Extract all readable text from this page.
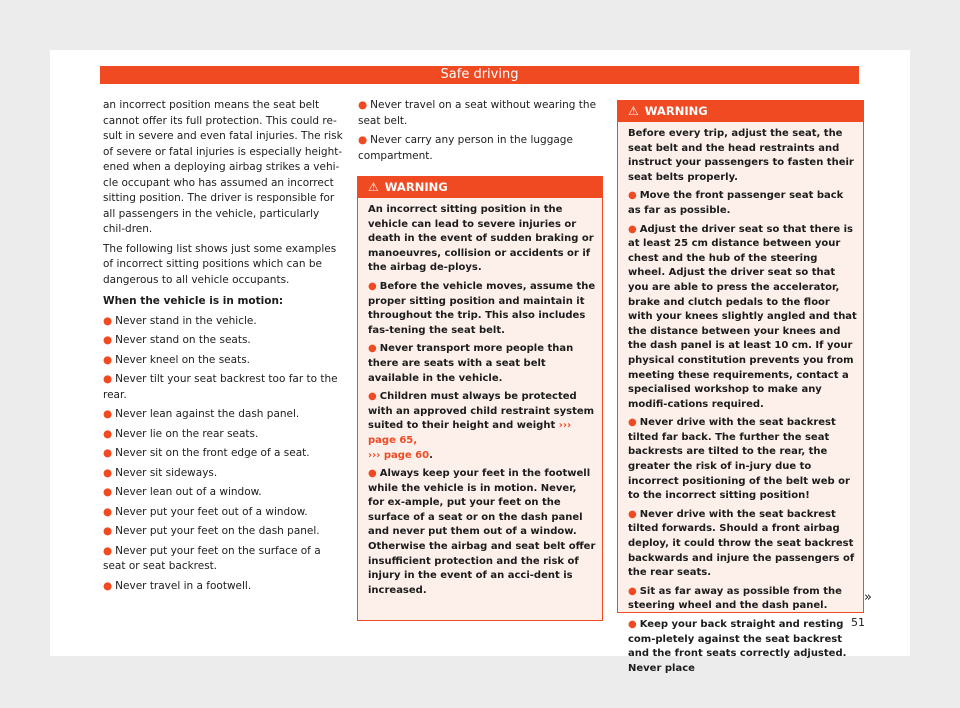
Safe driving

an incorrect position means the seat belt cannot offer its full protection. This could re-sult in severe and even fatal injuries. The risk of severe or fatal injuries is especially height-ened when a deploying airbag strikes a vehi-cle occupant who has assumed an incorrect sitting position. The driver is responsible for all passengers in the vehicle, particularly chil-dren.

The following list shows just some examples of incorrect sitting positions which can be dangerous to all vehicle occupants.

When the vehicle is in motion:

● Never stand in the vehicle.
● Never stand on the seats.
● Never kneel on the seats.
● Never tilt your seat backrest too far to the rear.
● Never lean against the dash panel.
● Never lie on the rear seats.
● Never sit on the front edge of a seat.
● Never sit sideways.
● Never lean out of a window.
● Never put your feet out of a window.
● Never put your feet on the dash panel.
● Never put your feet on the surface of a seat or seat backrest.
● Never travel in a footwell.
● Never travel on a seat without wearing the seat belt.
● Never carry any person in the luggage compartment.
⚠ WARNING

An incorrect sitting position in the vehicle can lead to severe injuries or death in the event of sudden braking or manoeuvres, collision or accidents or if the airbag de-ploys.

● Before the vehicle moves, assume the proper sitting position and maintain it throughout the trip. This also includes fas-tening the seat belt.

● Never transport more people than there are seats with a seat belt available in the vehicle.

● Children must always be protected with an approved child restraint system suited to their height and weight ››› page 65,
››› page 60.

● Always keep your feet in the footwell while the vehicle is in motion. Never, for ex-ample, put your feet on the surface of a seat or on the dash panel and never put them out of a window. Otherwise the airbag and seat belt offer insufficient protection and the risk of injury in the event of an acci-dent is increased.

⚠ WARNING

Before every trip, adjust the seat, the seat belt and the head restraints and instruct your passengers to fasten their seat belts properly.

● Move the front passenger seat back as far as possible.

● Adjust the driver seat so that there is at least 25 cm distance between your chest and the hub of the steering wheel. Adjust the driver seat so that you are able to press the accelerator, brake and clutch pedals to the floor with your knees slightly angled and that the distance between your knees and the dash panel is at least 10 cm. If your physical constitution prevents you from meeting these requirements, contact a specialised workshop to make any modifi-cations required.

● Never drive with the seat backrest tilted far back. The further the seat backrests are tilted to the rear, the greater the risk of in-jury due to incorrect positioning of the belt web or to the incorrect sitting position!

● Never drive with the seat backrest tilted forwards. Should a front airbag deploy, it could throw the seat backrest backwards and injure the passengers of the rear seats.

● Sit as far away as possible from the steering wheel and the dash panel.

● Keep your back straight and resting com-pletely against the seat backrest and the front seats correctly adjusted. Never place

»
51
